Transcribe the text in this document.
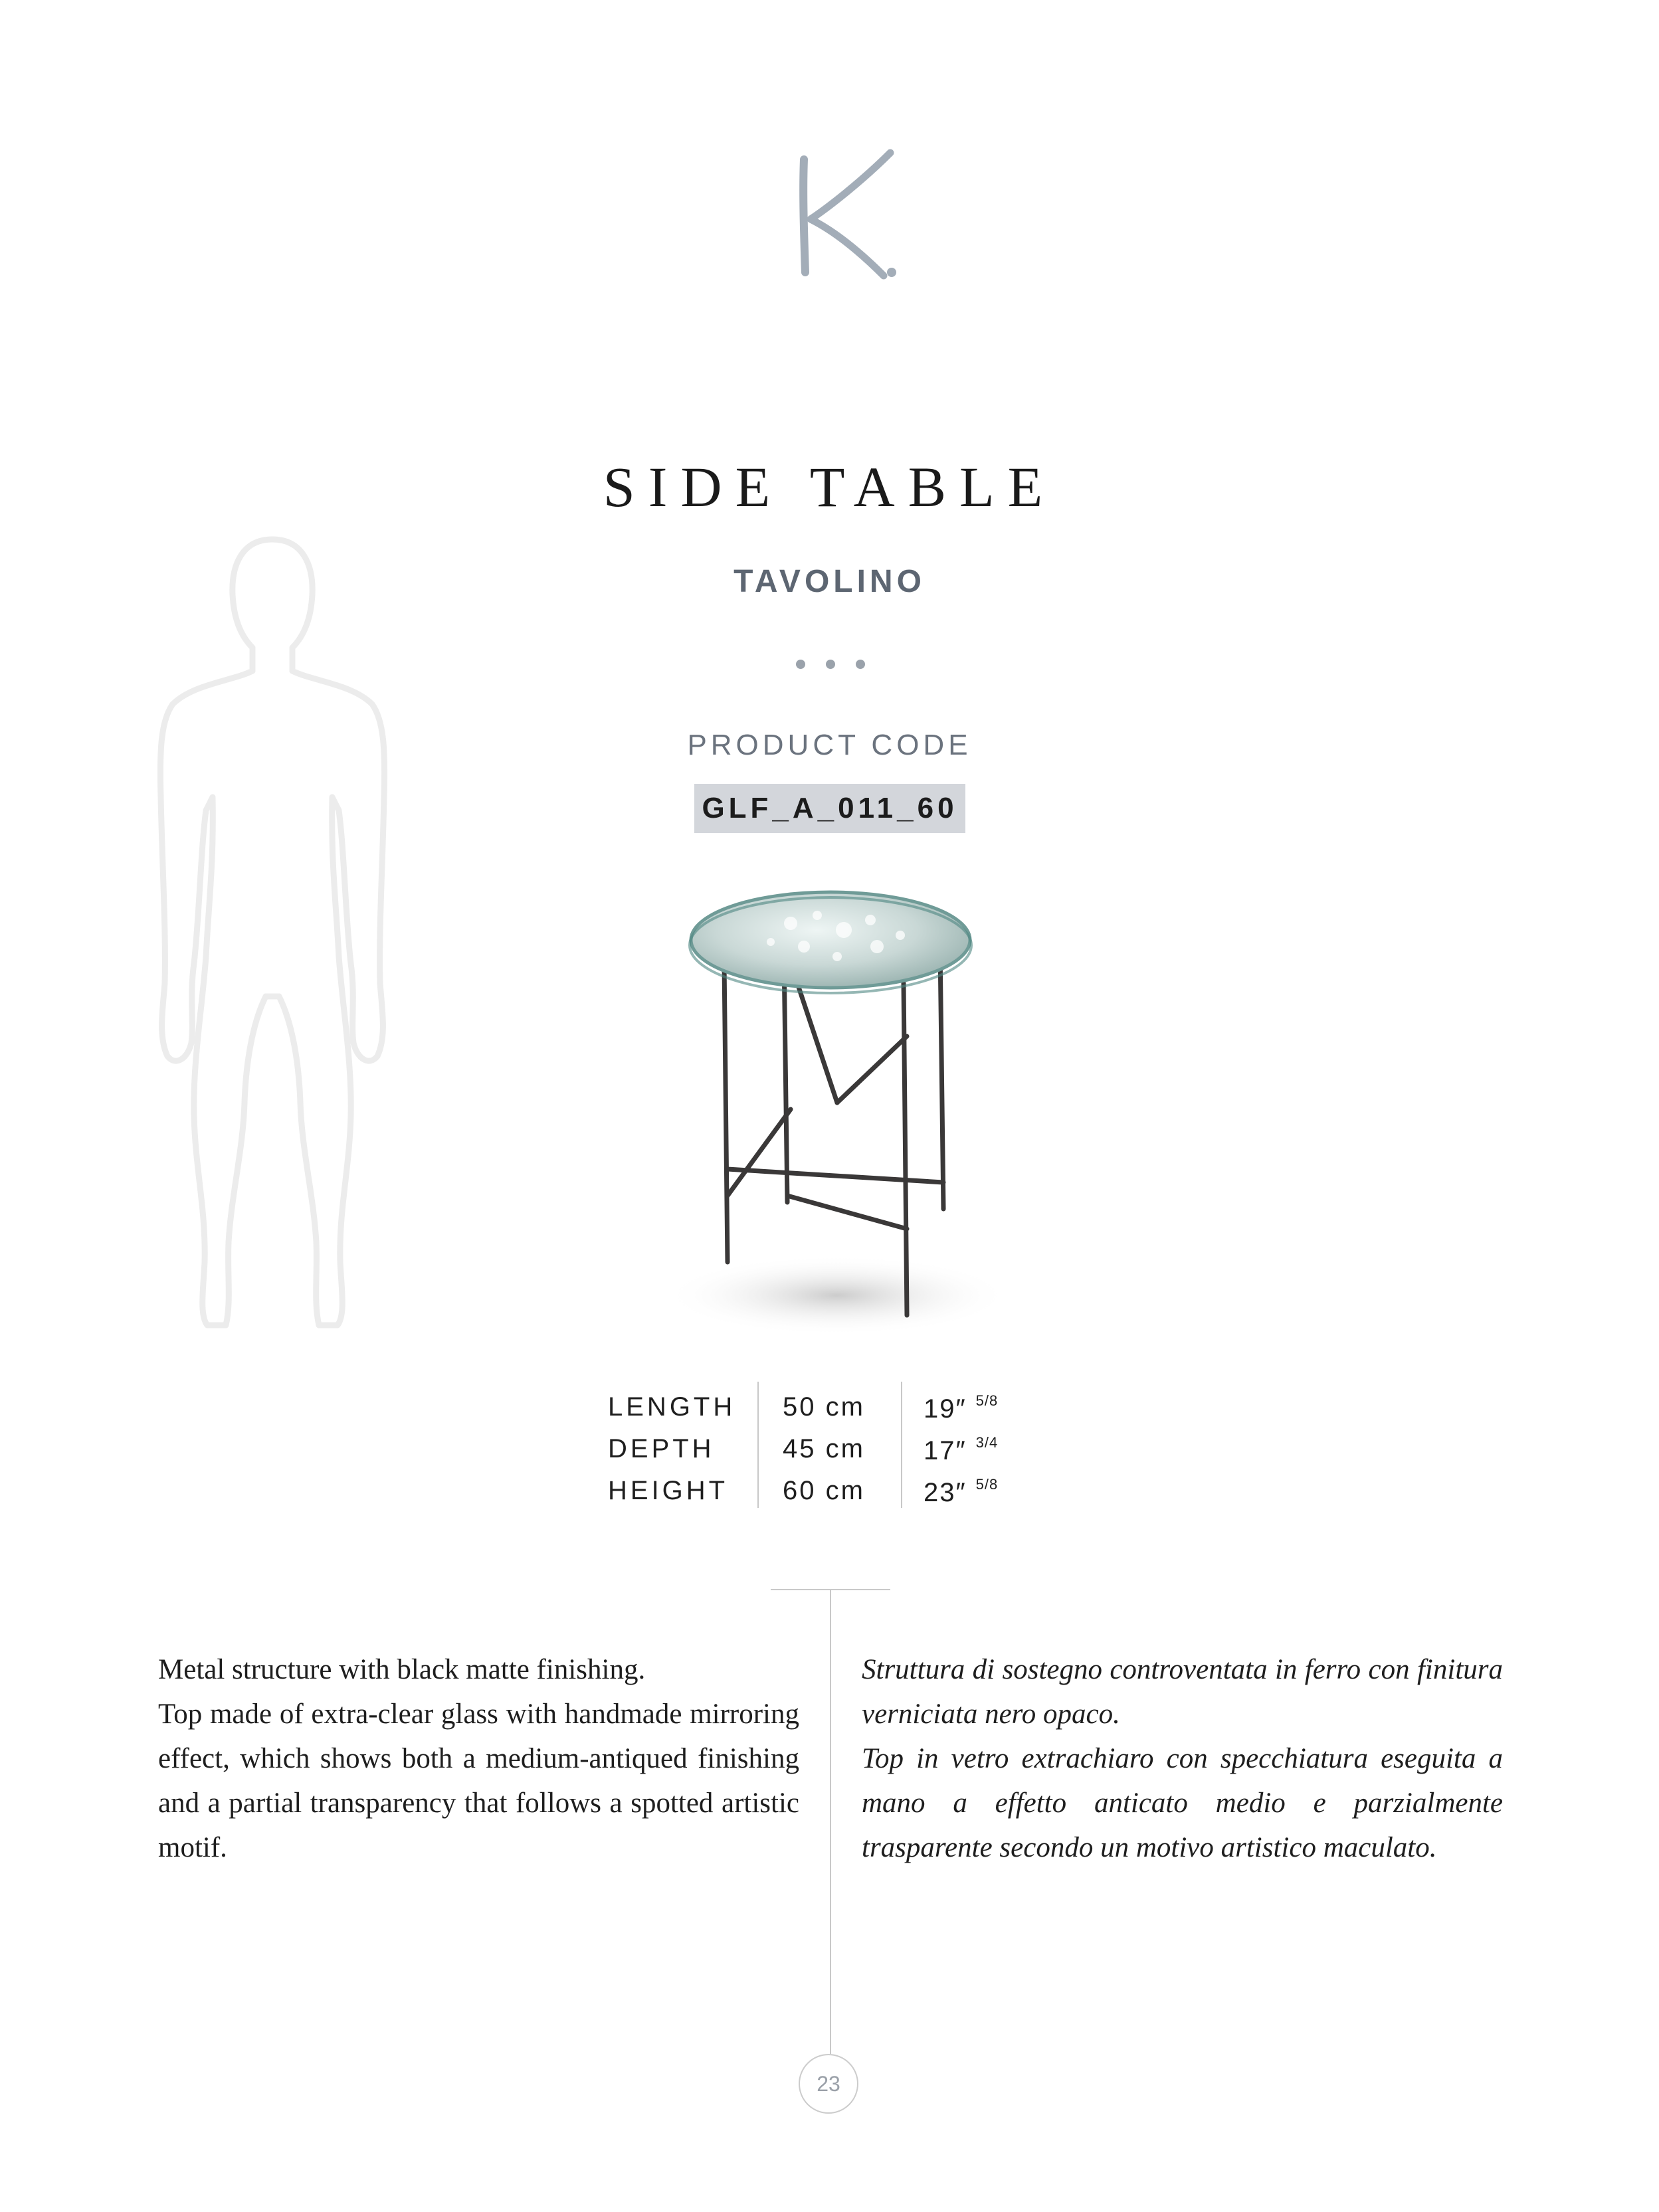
SIDE TABLE
TAVOLINO
PRODUCT CODE
GLF_A_011_60
LENGTH 50 cm 19″ $^{5/8}$
DEPTH	45 cm 17″ $^{3/4}$
HEIGHT 60 cm 23″ $^{5/8}$

Metal structure with black matte finishing.

Top made of extra-clear glass with handmade mirroring effect, which shows both a medium-antiqued finishing and a partial transparency that follows a spotted artistic motif.

Struttura di sostegno controventata in ferro con finitura verniciata nero opaco.

Top in vetro extrachiaro con specchiatura eseguita a mano a effetto anticato medio e parzialmente trasparente secondo un motivo artistico maculato.

23
